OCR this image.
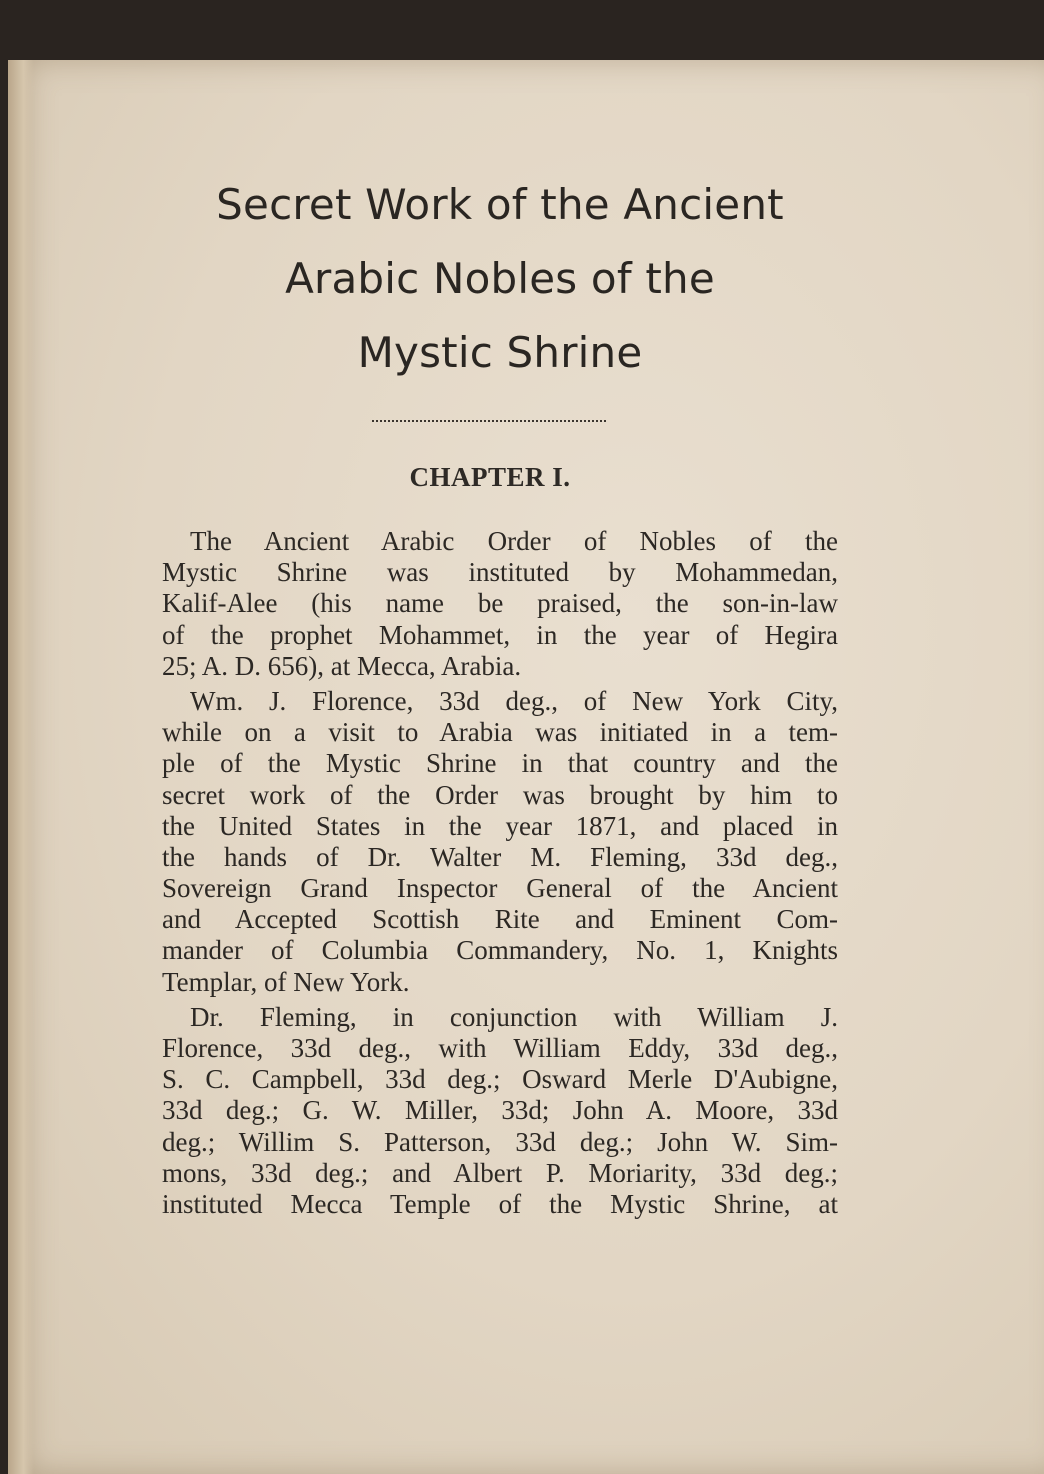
Secret Work of the Ancient
Arabic Nobles of the
Mystic Shrine
CHAPTER I.
The Ancient Arabic Order of Nobles of the
Mystic Shrine was instituted by Mohammedan,
Kalif-Alee (his name be praised, the son-in-law
of the prophet Mohammet, in the year of Hegira
25; A. D. 656), at Mecca, Arabia.
Wm. J. Florence, 33d deg., of New York City,
while on a visit to Arabia was initiated in a tem-
ple of the Mystic Shrine in that country and the
secret work of the Order was brought by him to
the United States in the year 1871, and placed in
the hands of Dr. Walter M. Fleming, 33d deg.,
Sovereign Grand Inspector General of the Ancient
and Accepted Scottish Rite and Eminent Com-
mander of Columbia Commandery, No. 1, Knights
Templar, of New York.
Dr. Fleming, in conjunction with William J.
Florence, 33d deg., with William Eddy, 33d deg.,
S. C. Campbell, 33d deg.; Osward Merle D'Aubigne,
33d deg.; G. W. Miller, 33d; John A. Moore, 33d
deg.; Willim S. Patterson, 33d deg.; John W. Sim-
mons, 33d deg.; and Albert P. Moriarity, 33d deg.;
instituted Mecca Temple of the Mystic Shrine, at
